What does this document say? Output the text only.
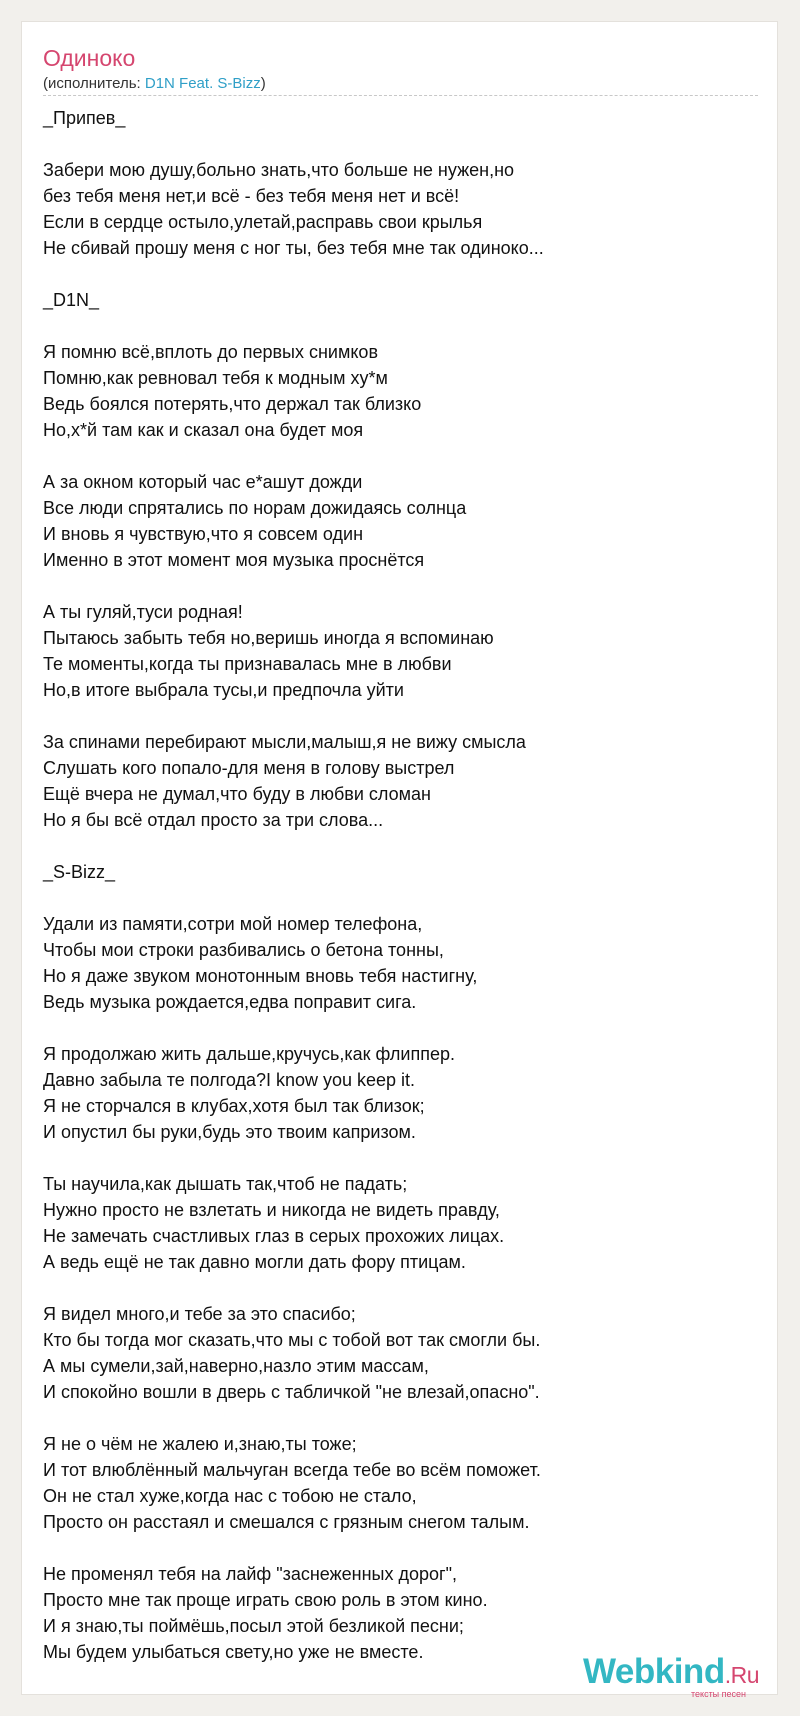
Одиноко
(исполнитель: D1N Feat. S-Bizz)
_Припев_
Забери мою душу,больно знать,что больше не нужен,но
без тебя меня нет,и всё - без тебя меня нет и всё!
Если в сердце остыло,улетай,расправь свои крылья
Не сбивай прошу меня с ног ты, без тебя мне так одиноко...
_D1N_
Я помню всё,вплоть до первых снимков
Помню,как ревновал тебя к модным ху*м
Ведь боялся потерять,что держал так близко
Но,х*й там как и сказал она будет моя
А за окном который час е*ашут дожди
Все люди спрятались по норам дожидаясь солнца
И вновь я чувствую,что я совсем один
Именно в этот момент моя музыка проснётся
А ты гуляй,туси родная!
Пытаюсь забыть тебя но,веришь иногда я вспоминаю
Те моменты,когда ты признавалась мне в любви
Но,в итоге выбрала тусы,и предпочла уйти
За спинами перебирают мысли,малыш,я не вижу смысла
Слушать кого попало-для меня в голову выстрел
Ещё вчера не думал,что буду в любви сломан
Но я бы всё отдал просто за три слова...
_S-Bizz_
Удали из памяти,сотри мой номер телефона,
Чтобы мои строки разбивались о бетона тонны,
Но я даже звуком монотонным вновь тебя настигну,
Ведь музыка рождается,едва поправит сига.
Я продолжаю жить дальше,кручусь,как флиппер.
Давно забыла те полгода?I know you keep it.
Я не сторчался в клубах,хотя был так близок;
И опустил бы руки,будь это твоим капризом.
Ты научила,как дышать так,чтоб не падать;
Нужно просто не взлетать и никогда не видеть правду,
Не замечать счастливых глаз в серых прохожих лицах.
А ведь ещё не так давно могли дать фору птицам.
Я видел много,и тебе за это спасибо;
Кто бы тогда мог сказать,что мы с тобой вот так смогли бы.
А мы сумели,зай,наверно,назло этим массам,
И спокойно вошли в дверь с табличкой "не влезай,опасно".
Я не о чём не жалею и,знаю,ты тоже;
И тот влюблённый мальчуган всегда тебе во всём поможет.
Он не стал хуже,когда нас с тобою не стало,
Просто он расстаял и смешался с грязным снегом талым.
Не променял тебя на лайф "заснеженных дорог",
Просто мне так проще играть свою роль в этом кино.
И я знаю,ты поймёшь,посыл этой безликой песни;
Мы будем улыбаться свету,но уже не вместе.	Webkind.Ru
тексты песен
